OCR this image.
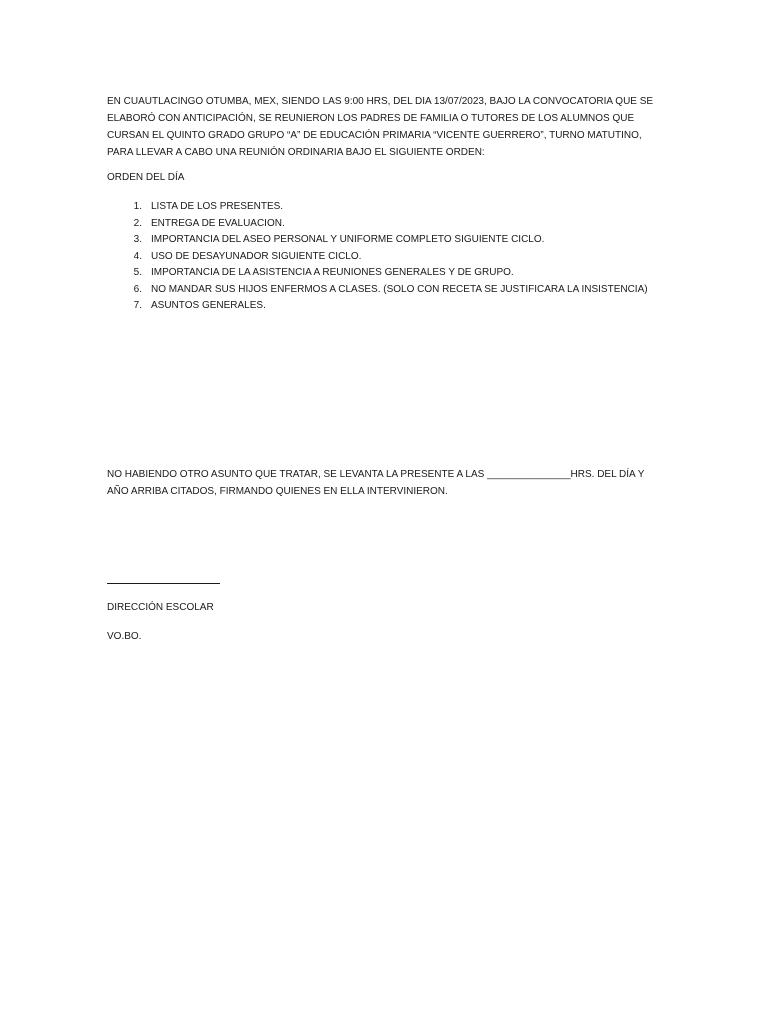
EN CUAUTLACINGO OTUMBA, MEX, SIENDO LAS 9:00 HRS, DEL DIA 13/07/2023, BAJO LA CONVOCATORIA QUE SE ELABORÓ CON ANTICIPACIÓN, SE REUNIERON LOS PADRES DE FAMILIA O TUTORES DE LOS ALUMNOS QUE CURSAN EL QUINTO GRADO GRUPO “A” DE EDUCACIÓN PRIMARIA “VICENTE GUERRERO”, TURNO MATUTINO, PARA LLEVAR A CABO UNA REUNIÓN ORDINARIA BAJO EL SIGUIENTE ORDEN:

ORDEN DEL DÍA

1. LISTA DE LOS PRESENTES.
2. ENTREGA DE EVALUACION.
3. IMPORTANCIA DEL ASEO PERSONAL Y UNIFORME COMPLETO SIGUIENTE CICLO.
4. USO DE DESAYUNADOR SIGUIENTE CICLO.
5. IMPORTANCIA DE LA ASISTENCIA A REUNIONES GENERALES Y DE GRUPO.
6. NO MANDAR SUS HIJOS ENFERMOS A CLASES. (SOLO CON RECETA SE JUSTIFICARA LA INSISTENCIA)
7. ASUNTOS GENERALES.

NO HABIENDO OTRO ASUNTO QUE TRATAR, SE LEVANTA LA PRESENTE A LAS _______________HRS. DEL DÍA Y AÑO ARRIBA CITADOS, FIRMANDO QUIENES EN ELLA INTERVINIERON.

DIRECCIÓN ESCOLAR

VO.BO.
